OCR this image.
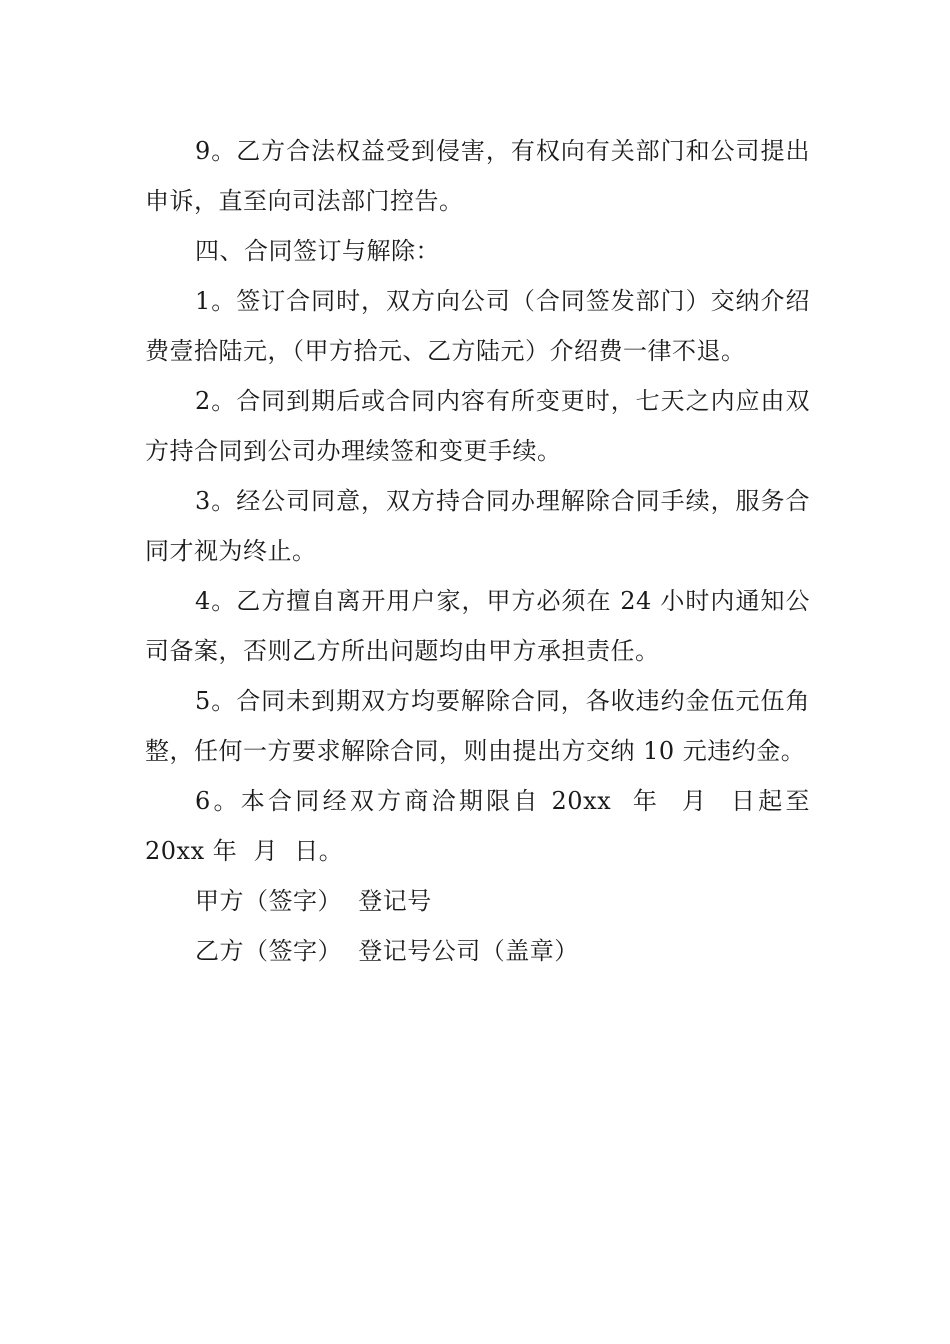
9。乙方合法权益受到侵害，有权向有关部门和公司提出申诉，直至向司法部门控告。

四、合同签订与解除：

1。签订合同时，双方向公司（合同签发部门）交纳介绍费壹拾陆元，（甲方拾元、乙方陆元）介绍费一律不退。

2。合同到期后或合同内容有所变更时，七天之内应由双方持合同到公司办理续签和变更手续。

3。经公司同意，双方持合同办理解除合同手续，服务合同才视为终止。

4。乙方擅自离开用户家，甲方必须在 24 小时内通知公司备案，否则乙方所出问题均由甲方承担责任。

5。合同未到期双方均要解除合同，各收违约金伍元伍角整，任何一方要求解除合同，则由提出方交纳 10 元违约金。

6。本合同经双方商洽期限自 20xx  年  月  日起至 20xx 年  月  日。

甲方（签字）  登记号

乙方（签字）  登记号公司（盖章）
